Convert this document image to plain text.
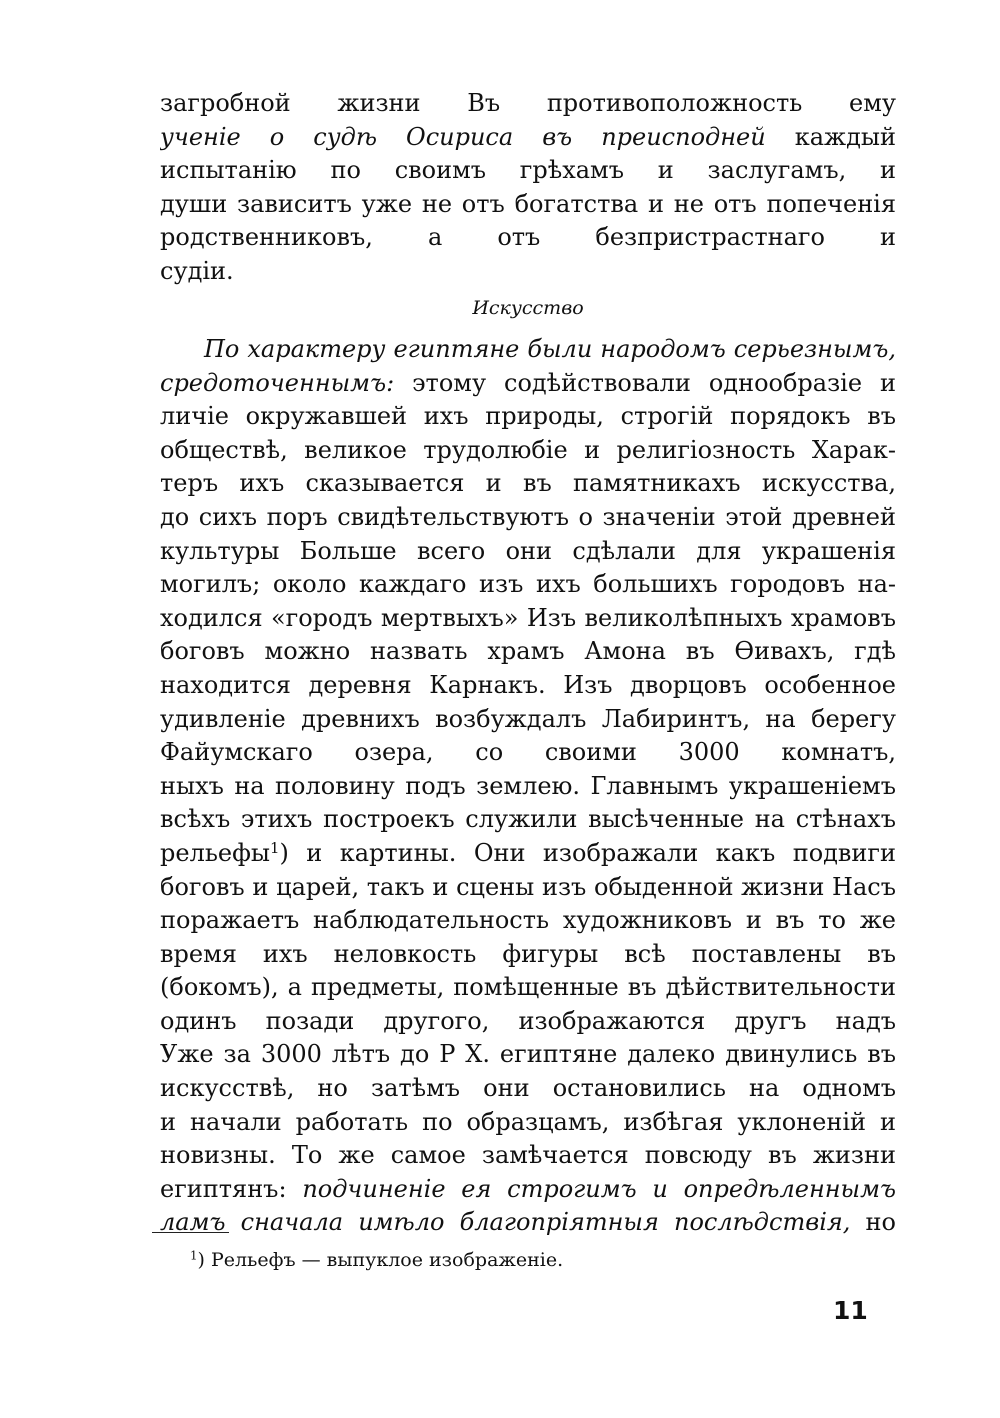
загробной жизни Въ противоположность ему
ученіе о судѣ Осириса въ преисподней каждый
испытанію по своимъ грѣхамъ и заслугамъ, и
души зависитъ уже не отъ богатства и не отъ попеченія
родственниковъ, а отъ безпристрастнаго и
судіи.
Искусство
По характеру египтяне были народомъ серьезнымъ,
средоточеннымъ: этому содѣйствовали однообразіе и
личіе окружавшей ихъ природы, строгій порядокъ въ
обществѣ, великое трудолюбіе и религіозность Харак-
теръ ихъ сказывается и въ памятникахъ искусства,
до сихъ поръ свидѣтельствуютъ о значеніи этой древней
культуры Больше всего они сдѣлали для украшенія
могилъ; около каждаго изъ ихъ большихъ городовъ на-
ходился «городъ мертвыхъ» Изъ великолѣпныхъ храмовъ
боговъ можно назвать храмъ Амона въ Ѳивахъ, гдѣ
находится деревня Карнакъ. Изъ дворцовъ особенное
удивленіе древнихъ возбуждалъ Лабиринтъ, на берегу
Файумскаго озера, со своими 3000 комнатъ,
ныхъ на половину подъ землею. Главнымъ украшеніемъ
всѣхъ этихъ построекъ служили высѣченные на стѣнахъ
рельефы$^1$) и картины. Они изображали какъ подвиги
боговъ и царей, такъ и сцены изъ обыденной жизни Насъ
поражаетъ наблюдательность художниковъ и въ то же
время ихъ неловкость фигуры всѣ поставлены въ
(бокомъ), а предметы, помѣщенные въ дѣйствительности
одинъ позади другого, изображаются другъ надъ
Уже за 3000 лѣтъ до Р Х. египтяне далеко двинулись въ
искусствѣ, но затѣмъ они остановились на одномъ
и начали работать по образцамъ, избѣгая уклоненій и
новизны. То же самое замѣчается повсюду въ жизни
египтянъ: подчиненіе ея строгимъ и опредѣленнымъ
ламъ сначала имѣло благопріятныя послѣдствія, но
$^1$) Рельефъ — выпуклое изображеніе.
11
